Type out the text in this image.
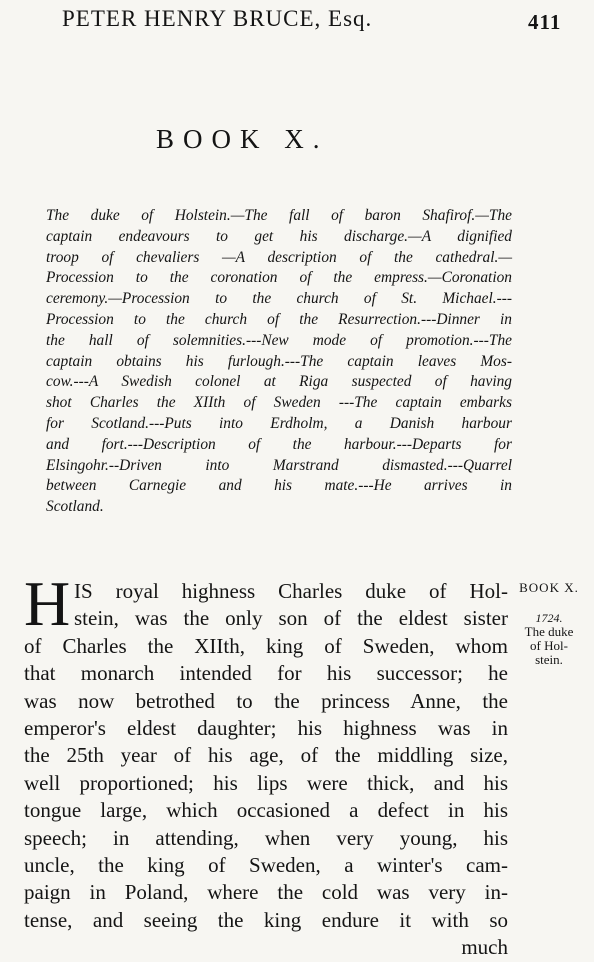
PETER HENRY BRUCE, Esq.	411
BOOK X.
The duke of Holstein.—The fall of baron Shafirof.—The
captain endeavours to get his discharge.—A dignified
troop of chevaliers —A description of the cathedral.—
Procession to the coronation of the empress.—Coronation
ceremony.—Procession to the church of St. Michael.---
Procession to the church of the Resurrection.---Dinner in
the hall of solemnities.---New mode of promotion.---The
captain obtains his furlough.---The captain leaves Mos-
cow.---A Swedish colonel at Riga suspected of having
shot Charles the XIIth of Sweden ---The captain embarks
for Scotland.---Puts into Erdholm, a Danish harbour
and fort.---Description of the harbour.---Departs for
Elsingohr.--Driven into Marstrand dismasted.---Quarrel
between Carnegie and his mate.---He arrives in
Scotland.
H IS royal highness Charles duke of Hol-
stein, was the only son of the eldest sister
of Charles the XIIth, king of Sweden, whom
that monarch intended for his successor; he
was now betrothed to the princess Anne, the
emperor's eldest daughter; his highness was in
the 25th year of his age, of the middling size,
well proportioned; his lips were thick, and his
tongue large, which occasioned a defect in his
speech; in attending, when very young, his
uncle, the king of Sweden, a winter's cam-
paign in Poland, where the cold was very in-
tense, and seeing the king endure it with so
much
BOOK X.
1724.
The duke
of Hol-
stein.
